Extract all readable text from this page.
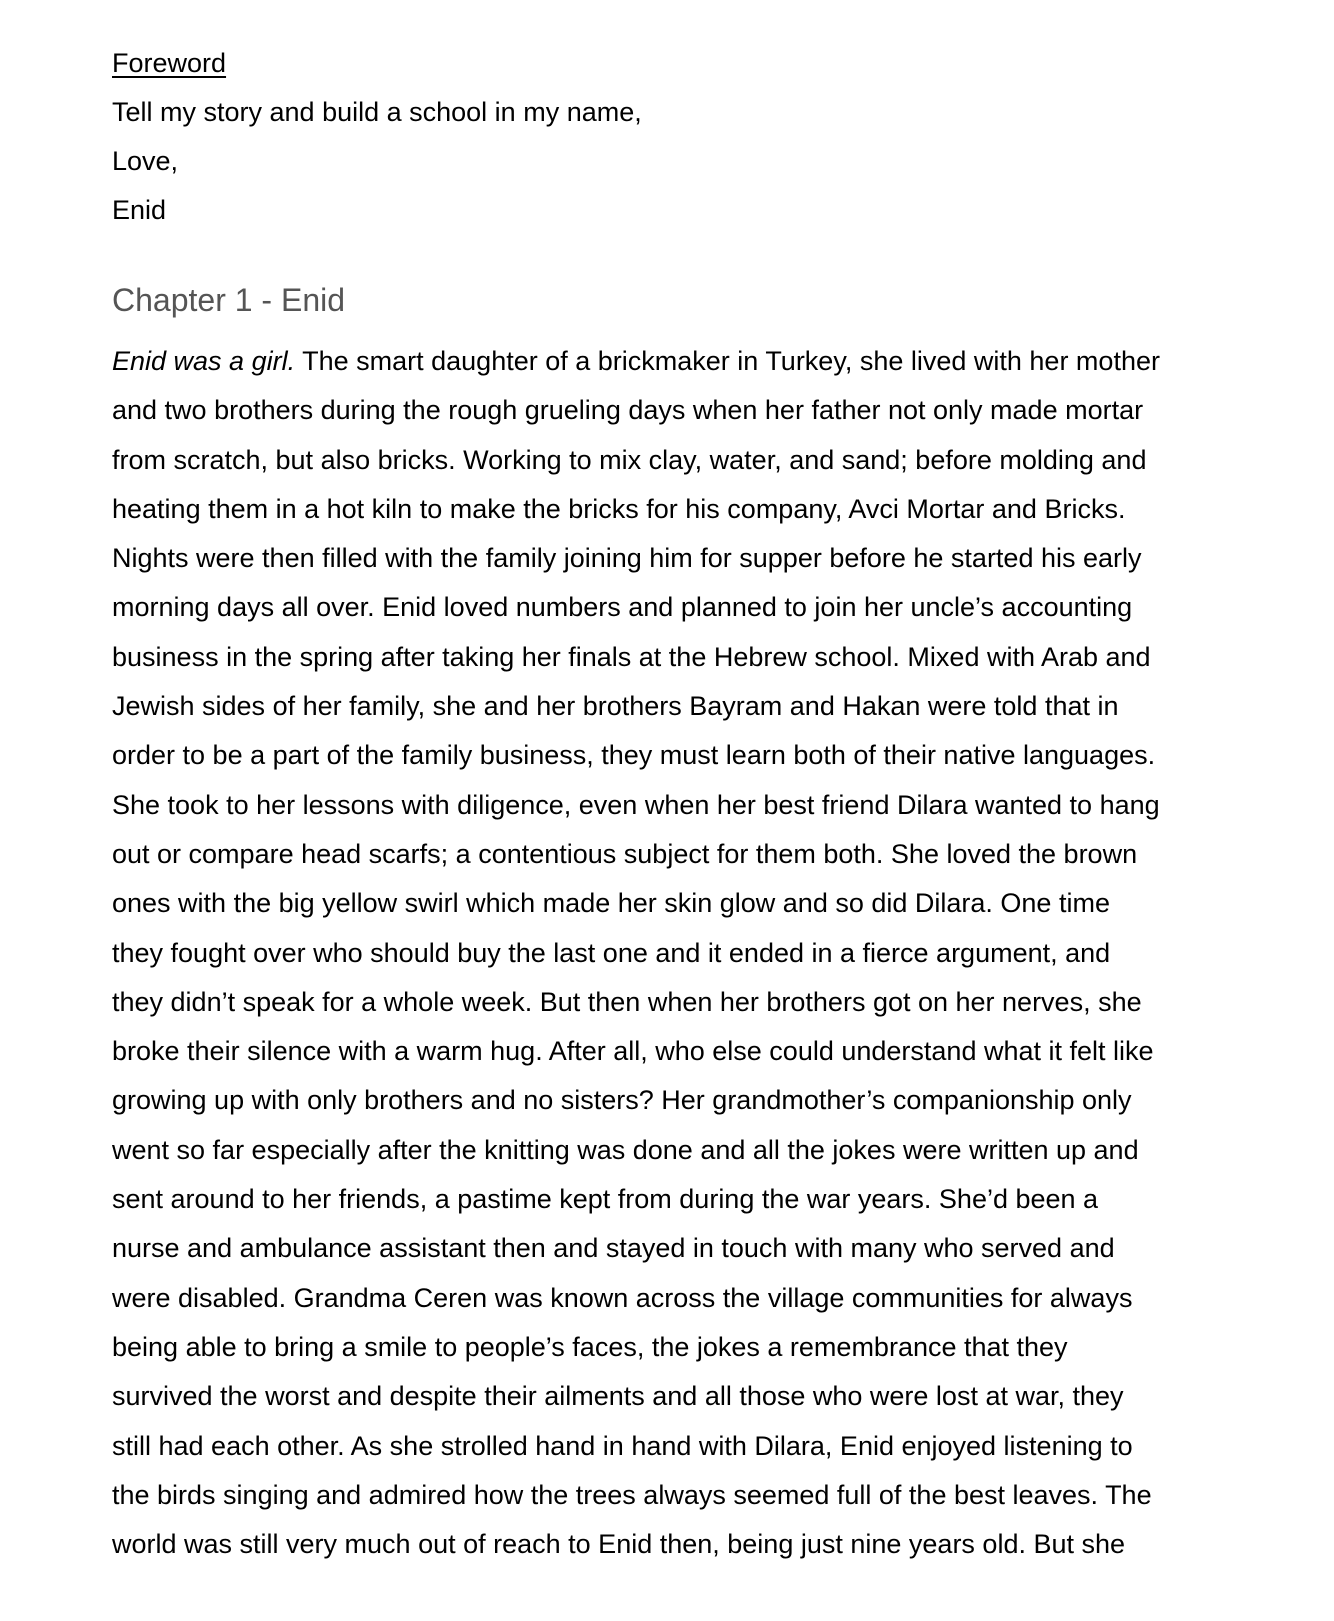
Foreword
Tell my story and build a school in my name,
Love,
Enid
Chapter 1 - Enid
Enid was a girl. The smart daughter of a brickmaker in Turkey, she lived with her mother
and two brothers during the rough grueling days when her father not only made mortar
from scratch, but also bricks. Working to mix clay, water, and sand; before molding and
heating them in a hot kiln to make the bricks for his company, Avci Mortar and Bricks.
Nights were then filled with the family joining him for supper before he started his early
morning days all over. Enid loved numbers and planned to join her uncle’s accounting
business in the spring after taking her finals at the Hebrew school. Mixed with Arab and
Jewish sides of her family, she and her brothers Bayram and Hakan were told that in
order to be a part of the family business, they must learn both of their native languages.
She took to her lessons with diligence, even when her best friend Dilara wanted to hang
out or compare head scarfs; a contentious subject for them both. She loved the brown
ones with the big yellow swirl which made her skin glow and so did Dilara. One time
they fought over who should buy the last one and it ended in a fierce argument, and
they didn’t speak for a whole week. But then when her brothers got on her nerves, she
broke their silence with a warm hug. After all, who else could understand what it felt like
growing up with only brothers and no sisters? Her grandmother’s companionship only
went so far especially after the knitting was done and all the jokes were written up and
sent around to her friends, a pastime kept from during the war years. She’d been a
nurse and ambulance assistant then and stayed in touch with many who served and
were disabled. Grandma Ceren was known across the village communities for always
being able to bring a smile to people’s faces, the jokes a remembrance that they
survived the worst and despite their ailments and all those who were lost at war, they
still had each other. As she strolled hand in hand with Dilara, Enid enjoyed listening to
the birds singing and admired how the trees always seemed full of the best leaves. The
world was still very much out of reach to Enid then, being just nine years old. But she
